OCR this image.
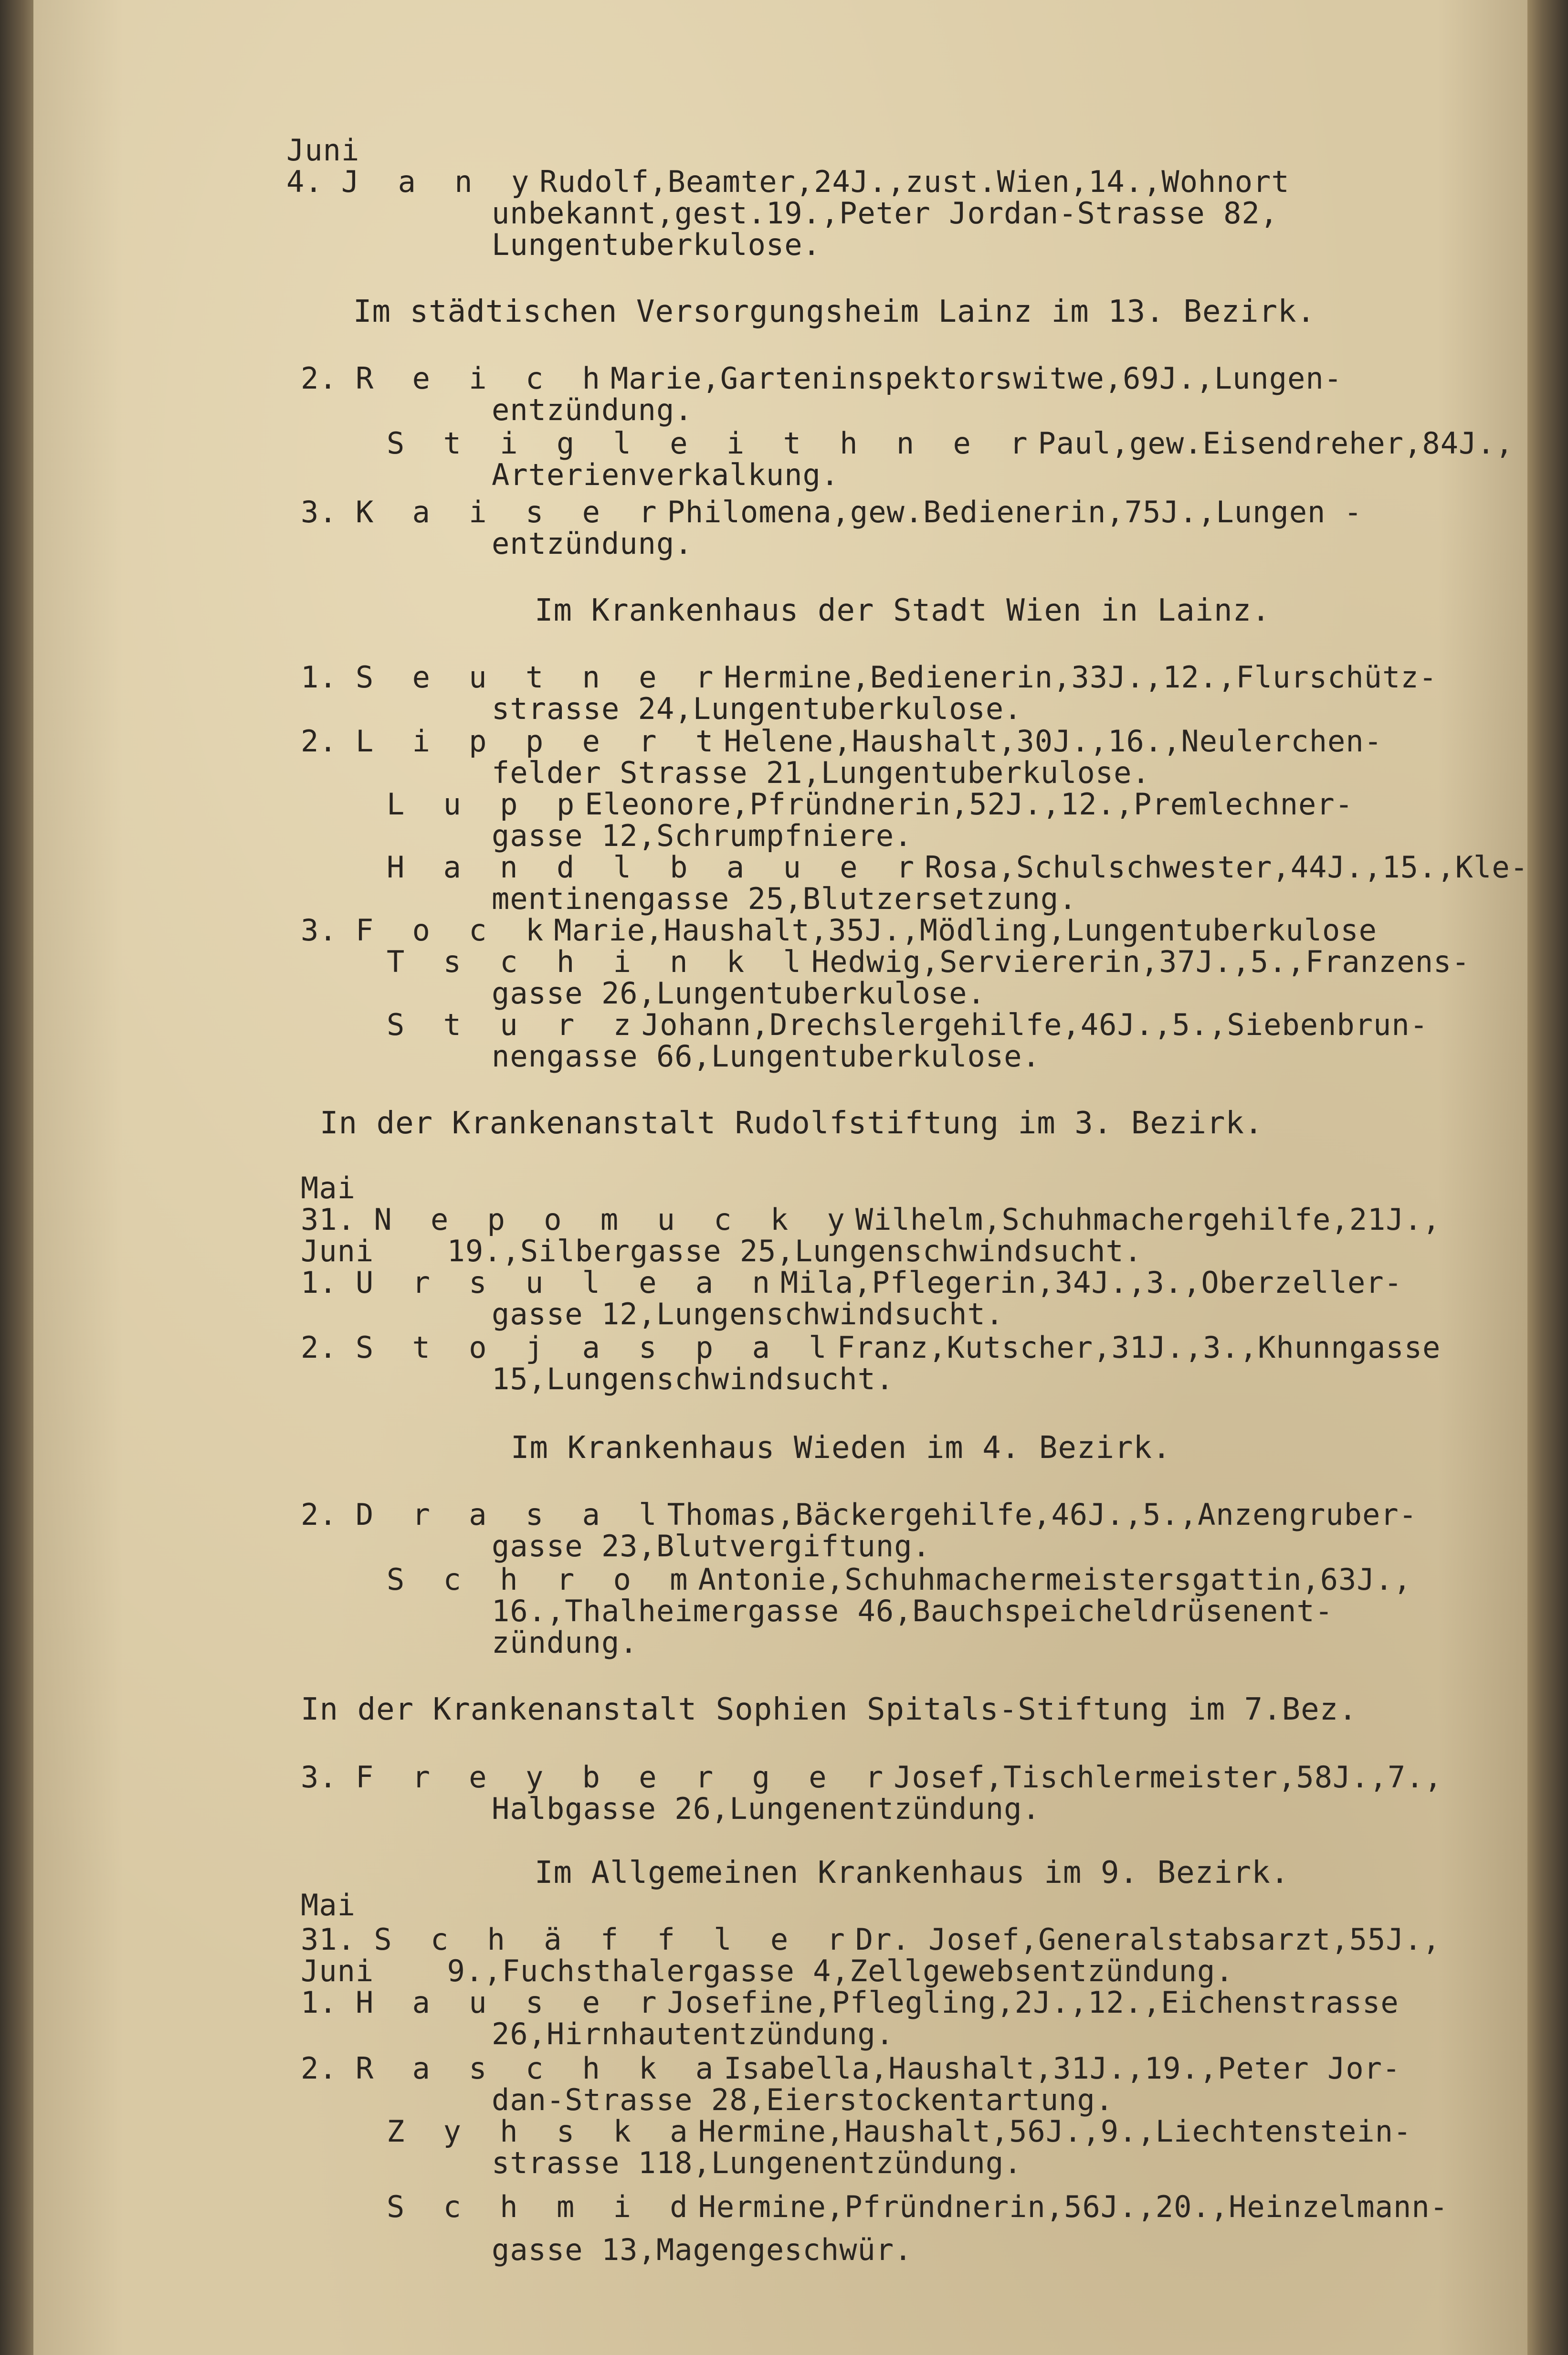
Juni
4. J a n yRudolf,Beamter,24J.,zust.Wien,14.,Wohnort
unbekannt,gest.19.,Peter Jordan-Strasse 82,
Lungentuberkulose.
Im städtischen Versorgungsheim Lainz im 13. Bezirk.
2. R e i c hMarie,Garteninspektorswitwe,69J.,Lungen-
entzündung.
S t i g l e i t h n e rPaul,gew.Eisendreher,84J.,
Arterienverkalkung.
3. K a i s e rPhilomena,gew.Bedienerin,75J.,Lungen -
entzündung.
Im Krankenhaus der Stadt Wien in Lainz.
1. S e u t n e rHermine,Bedienerin,33J.,12.,Flurschütz-
strasse 24,Lungentuberkulose.
2. L i p p e r tHelene,Haushalt,30J.,16.,Neulerchen-
felder Strasse 21,Lungentuberkulose.
L u p pEleonore,Pfründnerin,52J.,12.,Premlechner-
gasse 12,Schrumpfniere.
H a n d l b a u e rRosa,Schulschwester,44J.,15.,Kle-
mentinengasse 25,Blutzersetzung.
3. F o c kMarie,Haushalt,35J.,Mödling,Lungentuberkulose
T s c h i n k lHedwig,Serviererin,37J.,5.,Franzens-
gasse 26,Lungentuberkulose.
S t u r zJohann,Drechslergehilfe,46J.,5.,Siebenbrun-
nengasse 66,Lungentuberkulose.
In der Krankenanstalt Rudolfstiftung im 3. Bezirk.
Mai
31. N e p o m u c k yWilhelm,Schuhmachergehilfe,21J.,
Juni 19.,Silbergasse 25,Lungenschwindsucht.
1. U r s u l e a nMila,Pflegerin,34J.,3.,Oberzeller-
gasse 12,Lungenschwindsucht.
2. S t o j a s p a lFranz,Kutscher,31J.,3.,Khunngasse
15,Lungenschwindsucht.
Im Krankenhaus Wieden im 4. Bezirk.
2. D r a s a lThomas,Bäckergehilfe,46J.,5.,Anzengruber-
gasse 23,Blutvergiftung.
S c h r o mAntonie,Schuhmachermeistersgattin,63J.,
16.,Thalheimergasse 46,Bauchspeicheldrüsenent-
zündung.
In der Krankenanstalt Sophien Spitals-Stiftung im 7.Bez.
3. F r e y b e r g e rJosef,Tischlermeister,58J.,7.,
Halbgasse 26,Lungenentzündung.
Im Allgemeinen Krankenhaus im 9. Bezirk.
Mai
31. S c h ä f f l e rDr. Josef,Generalstabsarzt,55J.,
Juni 9.,Fuchsthalergasse 4,Zellgewebsentzündung.
1. H a u s e rJosefine,Pflegling,2J.,12.,Eichenstrasse
26,Hirnhautentzündung.
2. R a s c h k aIsabella,Haushalt,31J.,19.,Peter Jor-
dan-Strasse 28,Eierstockentartung.
Z y h s k aHermine,Haushalt,56J.,9.,Liechtenstein-
strasse 118,Lungenentzündung.
S c h m i dHermine,Pfründnerin,56J.,20.,Heinzelmann-
gasse 13,Magengeschwür.
